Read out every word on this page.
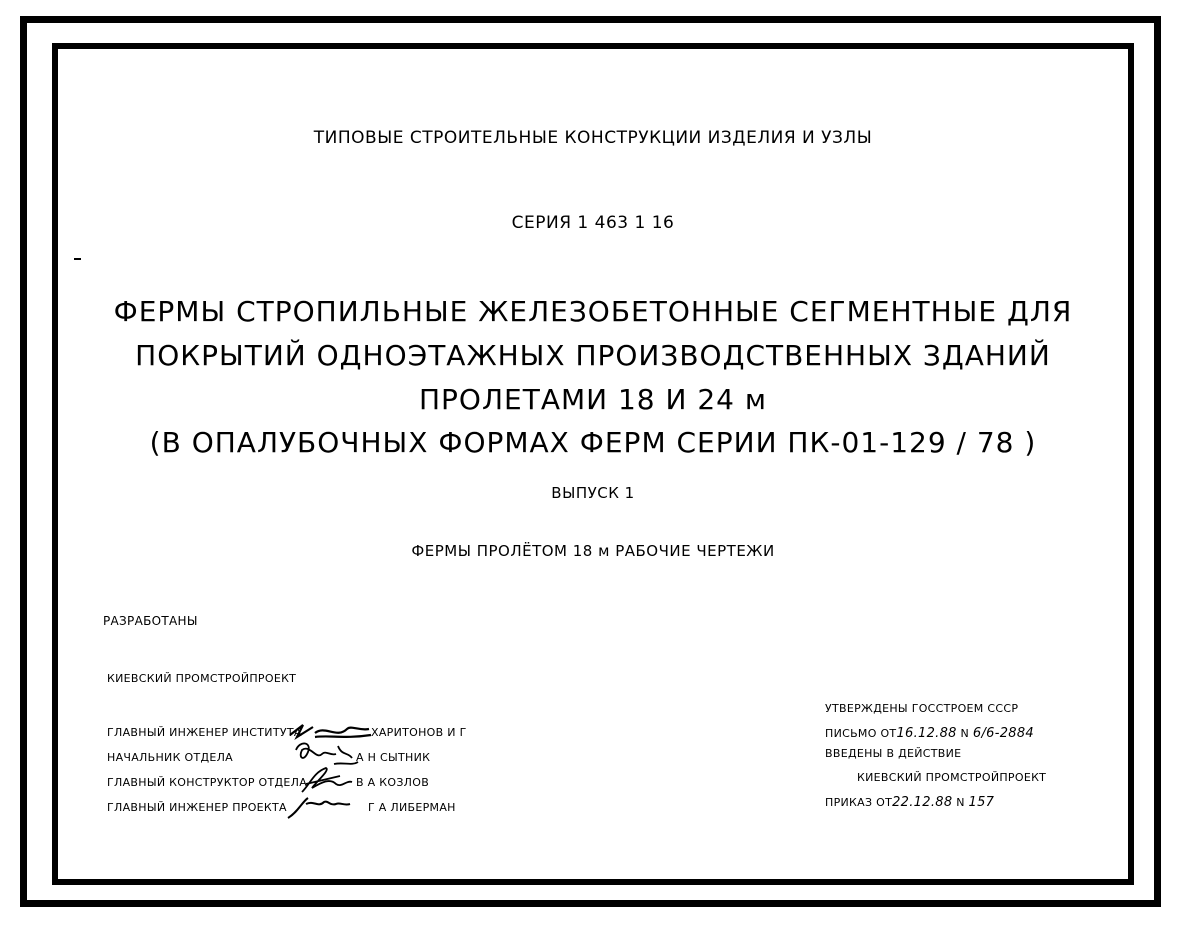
ТИПОВЫЕ СТРОИТЕЛЬНЫЕ КОНСТРУКЦИИ ИЗДЕЛИЯ И УЗЛЫ
СЕРИЯ 1 463 1 16
ФЕРМЫ СТРОПИЛЬНЫЕ ЖЕЛЕЗОБЕТОННЫЕ СЕГМЕНТНЫЕ ДЛЯ
ПОКРЫТИЙ ОДНОЭТАЖНЫХ ПРОИЗВОДСТВЕННЫХ ЗДАНИЙ
ПРОЛЕТАМИ 18 И 24 м
(В ОПАЛУБОЧНЫХ ФОРМАХ ФЕРМ СЕРИИ ПК-01-129 / 78 )
ВЫПУСК 1
ФЕРМЫ ПРОЛЁТОМ 18 м РАБОЧИЕ ЧЕРТЕЖИ
РАЗРАБОТАНЫ
КИЕВСКИЙ ПРОМСТРОЙПРОЕКТ
ГЛАВНЫЙ ИНЖЕНЕР ИНСТИТУТА	ХАРИТОНОВ И Г
НАЧАЛЬНИК ОТДЕЛА	А Н СЫТНИК
ГЛАВНЫЙ КОНСТРУКТОР ОТДЕЛА	В А КОЗЛОВ
ГЛАВНЫЙ ИНЖЕНЕР ПРОЕКТА	Г А ЛИБЕРМАН
УТВЕРЖДЕНЫ ГОССТРОЕМ СССР
ПИСЬМО ОТ16.12.88 N 6/6-2884
ВВЕДЕНЫ В ДЕЙСТВИЕ
КИЕВСКИЙ ПРОМСТРОЙПРОЕКТ
ПРИКАЗ ОТ22.12.88 N 157
